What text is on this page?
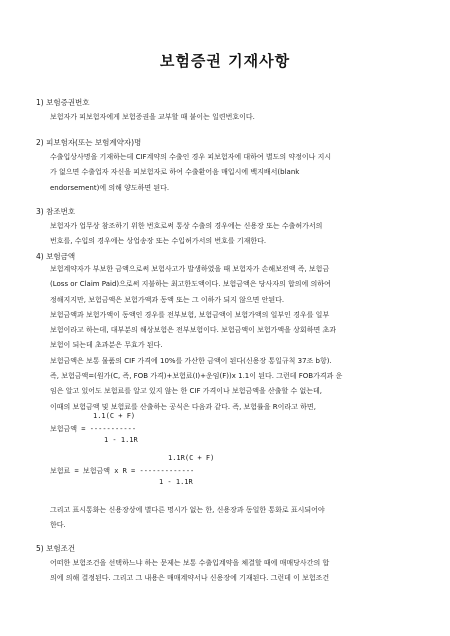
보험증권 기재사항
1) 보험증권번호
보험자가 피보험자에게 보험증권을 교부할 때 붙이는 일련번호이다.
2) 피보험자(또는 보험계약자)명
수출입상사명을 기재하는데 CIF계약의 수출인 경우 피보험자에 대하여 별도의 약정이나 지시
가 없으면 수출업자 자신을 피보험자로 하여 수출환어음 매입시에 백지배서(blank
endorsement)에 의해 양도하면 된다.
3) 참조번호
보험자가 업무상 참조하기 위한 번호로써 통상 수출의 경우에는 신용장 또는 수출허가서의
번호를, 수입의 경우에는 상업송장 또는 수입허가서의 번호를 기재한다.
4) 보험금액
보험계약자가 부보한 금액으로써 보험사고가 발생하였을 때 보험자가 손해보전액 즉, 보험금
(Loss or Claim Paid)으로써 지불하는 최고한도액이다. 보험금액은 당사자의 합의에 의하여
정해지지만, 보험금액은 보험가액과 동액 또는 그 이하가 되지 않으면 안된다.
보험금액과 보험가액이 동액인 경우를 전부보험, 보험금액이 보험가액의 일부인 경우를 일부
보험이라고 하는데, 대부분의 해상보험은 전부보험이다. 보험금액이 보험가액을 상회하면 초과
보험이 되는데 초과분은 무효가 된다.
보험금액은 보통 물품의 CIF 가격에 10%를 가산한 금액이 된다(신용장 통일규칙 37조 b항).
즉, 보험금액=(원가(C, 즉, FOB 가격)+보험료(I)+운임(F))x 1.1이 된다. 그런데 FOB가격과 운
임은 알고 있어도 보험료를 알고 있지 않는 한 CIF 가격이나 보험금액을 산출할 수 없는데,
이때의 보험금액 및 보험료를 산출하는 공식은 다음과 같다. 즉, 보험률을 R이라고 하면,
1.1(C + F)
보험금액 = -----------
1 - 1.1R
1.1R(C + F)
보험료 = 보험금액 x R = -------------
1 - 1.1R
그리고 표시통화는 신용장상에 별다른 명시가 없는 한, 신용장과 동일한 통화로 표시되어야
한다.
5) 보험조건
어떠한 보험조건을 선택하느냐 하는 문제는 보통 수출입계약을 체결할 때에 매매당사간의 합
의에 의해 결정된다. 그리고 그 내용은 매매계약서나 신용장에 기재된다. 그런데 이 보험조건
